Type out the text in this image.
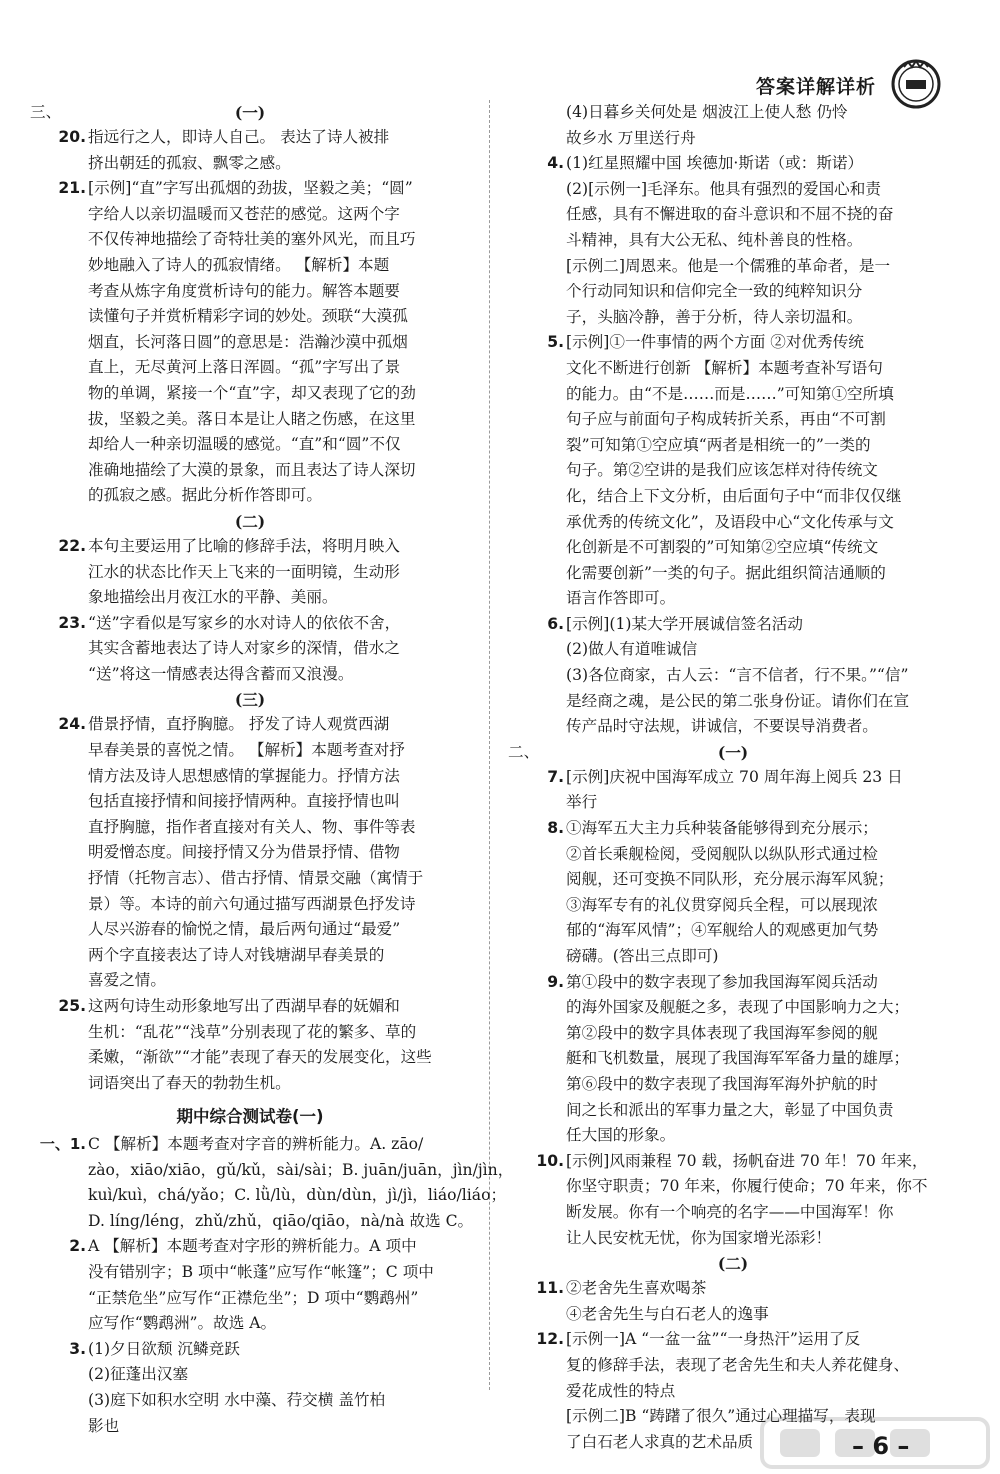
答案详解详析
三、	(一)
20. 指远行之人，即诗人自己。 表达了诗人被排
挤出朝廷的孤寂、飘零之感。
21. [示例]“直”字写出孤烟的劲拔，坚毅之美；“圆”
字给人以亲切温暖而又苍茫的感觉。这两个字
不仅传神地描绘了奇特壮美的塞外风光，而且巧
妙地融入了诗人的孤寂情绪。 【解析】本题
考查从炼字角度赏析诗句的能力。解答本题要
读懂句子并赏析精彩字词的妙处。颈联“大漠孤
烟直，长河落日圆”的意思是：浩瀚沙漠中孤烟
直上，无尽黄河上落日浑圆。“孤”字写出了景
物的单调，紧接一个“直”字，却又表现了它的劲
拔，坚毅之美。落日本是让人睹之伤感，在这里
却给人一种亲切温暖的感觉。“直”和“圆”不仅
准确地描绘了大漠的景象，而且表达了诗人深切
的孤寂之感。据此分析作答即可。
(二)
22. 本句主要运用了比喻的修辞手法，将明月映入
江水的状态比作天上飞来的一面明镜，生动形
象地描绘出月夜江水的平静、美丽。
23. “送”字看似是写家乡的水对诗人的依依不舍，
其实含蓄地表达了诗人对家乡的深情，借水之
“送”将这一情感表达得含蓄而又浪漫。
(三)
24. 借景抒情，直抒胸臆。 抒发了诗人观赏西湖
早春美景的喜悦之情。 【解析】本题考查对抒
情方法及诗人思想感情的掌握能力。抒情方法
包括直接抒情和间接抒情两种。直接抒情也叫
直抒胸臆，指作者直接对有关人、物、事件等表
明爱憎态度。间接抒情又分为借景抒情、借物
抒情（托物言志）、借古抒情、情景交融（寓情于
景）等。本诗的前六句通过描写西湖景色抒发诗
人尽兴游春的愉悦之情，最后两句通过“最爱”
两个字直接表达了诗人对钱塘湖早春美景的
喜爱之情。
25. 这两句诗生动形象地写出了西湖早春的妩媚和
生机：“乱花”“浅草”分别表现了花的繁多、草的
柔嫩，“渐欲”“才能”表现了春天的发展变化，这些
词语突出了春天的勃勃生机。
期中综合测试卷(一)
一、1. C 【解析】本题考查对字音的辨析能力。A. zāo/
zào，xiāo/xiāo，gǔ/kǔ，sài/sài；B. juān/juān，jìn/jìn，
kuì/kuì，chá/yǎo；C. lǜ/lù，dùn/dùn，jì/jì，liáo/liáo；
D. líng/léng，zhǔ/zhǔ，qiāo/qiāo，nà/nà 故选 C。
2. A 【解析】本题考查对字形的辨析能力。A 项中
没有错别字；B 项中“帐蓬”应写作“帐篷”；C 项中
“正禁危坐”应写作“正襟危坐”；D 项中“鹦鹉州”
应写作“鹦鹉洲”。故选 A。
3. (1)夕日欲颓 沉鳞竞跃
(2)征蓬出汉塞
(3)庭下如积水空明 水中藻、荇交横 盖竹柏
影也
(4)日暮乡关何处是 烟波江上使人愁 仍怜
故乡水 万里送行舟
4. (1)红星照耀中国 埃德加·斯诺（或：斯诺）
(2)[示例一]毛泽东。他具有强烈的爱国心和责
任感，具有不懈进取的奋斗意识和不屈不挠的奋
斗精神，具有大公无私、纯朴善良的性格。
[示例二]周恩来。他是一个儒雅的革命者，是一
个行动同知识和信仰完全一致的纯粹知识分
子，头脑冷静，善于分析，待人亲切温和。
5. [示例]①一件事情的两个方面 ②对优秀传统
文化不断进行创新 【解析】本题考查补写语句
的能力。由“不是……而是……”可知第①空所填
句子应与前面句子构成转折关系，再由“不可割
裂”可知第①空应填“两者是相统一的”一类的
句子。第②空讲的是我们应该怎样对待传统文
化，结合上下文分析，由后面句子中“而非仅仅继
承优秀的传统文化”，及语段中心“文化传承与文
化创新是不可割裂的”可知第②空应填“传统文
化需要创新”一类的句子。据此组织简洁通顺的
语言作答即可。
6. [示例](1)某大学开展诚信签名活动
(2)做人有道唯诚信
(3)各位商家，古人云：“言不信者，行不果。”“信”
是经商之魂，是公民的第二张身份证。请你们在宣
传产品时守法规，讲诚信，不要误导消费者。
二、	(一)
7. [示例]庆祝中国海军成立 70 周年海上阅兵 23 日
举行
8. ①海军五大主力兵种装备能够得到充分展示；
②首长乘舰检阅，受阅舰队以纵队形式通过检
阅舰，还可变换不同队形，充分展示海军风貌；
③海军专有的礼仪贯穿阅兵全程，可以展现浓
郁的“海军风情”；④军舰给人的观感更加气势
磅礴。(答出三点即可)
9. 第①段中的数字表现了参加我国海军阅兵活动
的海外国家及舰艇之多，表现了中国影响力之大；
第②段中的数字具体表现了我国海军参阅的舰
艇和飞机数量，展现了我国海军军备力量的雄厚；
第⑥段中的数字表现了我国海军海外护航的时
间之长和派出的军事力量之大，彰显了中国负责
任大国的形象。
10. [示例]风雨兼程 70 载，扬帆奋进 70 年！70 年来，
你坚守职责；70 年来，你履行使命；70 年来，你不
断发展。你有一个响亮的名字——中国海军！你
让人民安枕无忧，你为国家增光添彩！
(二)
11. ②老舍先生喜欢喝茶
④老舍先生与白石老人的逸事
12. [示例一]A “一盆一盆”“一身热汗”运用了反
复的修辞手法，表现了老舍先生和夫人养花健身、
爱花成性的特点
[示例二]B “踌躇了很久”通过心理描写，表现
了白石老人求真的艺术品质	– 6 –
